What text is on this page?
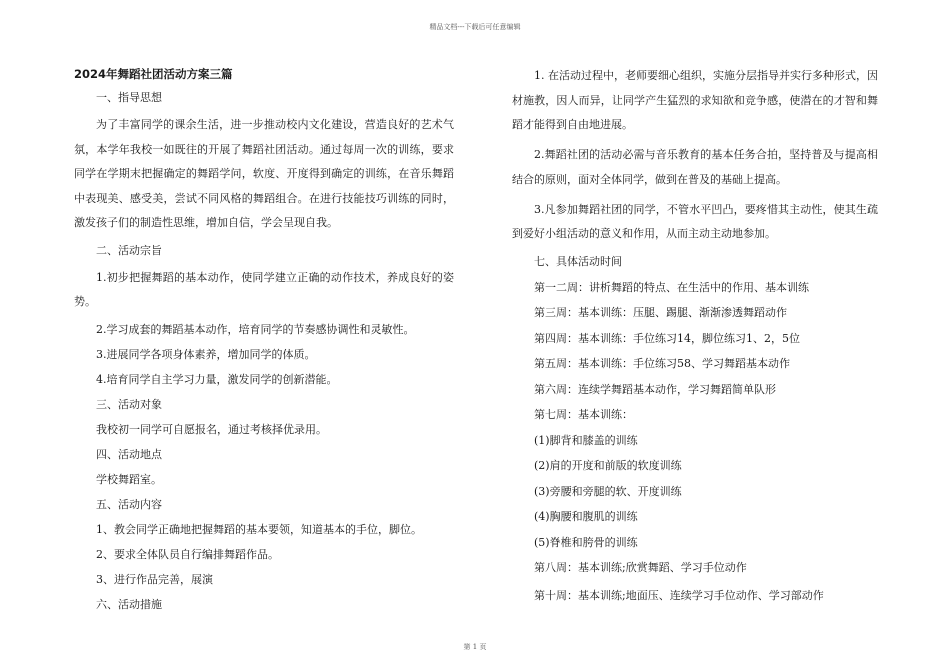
精品文档---下载后可任意编辑
2024年舞蹈社团活动方案三篇
一、指导思想
为了丰富同学的课余生活，进一步推动校内文化建设，营造良好的艺术气氛，本学年我校一如既往的开展了舞蹈社团活动。通过每周一次的训练，要求同学在学期末把握确定的舞蹈学问，软度、开度得到确定的训练，在音乐舞蹈中表现美、感受美，尝试不同风格的舞蹈组合。在进行技能技巧训练的同时，激发孩子们的制造性思维，增加自信，学会呈现自我。
二、活动宗旨
1.初步把握舞蹈的基本动作，使同学建立正确的动作技术，养成良好的姿势。
2.学习成套的舞蹈基本动作，培育同学的节奏感协调性和灵敏性。
3.进展同学各项身体素养，增加同学的体质。
4.培育同学自主学习力量，激发同学的创新潜能。
三、活动对象
我校初一同学可自愿报名，通过考核择优录用。
四、活动地点
学校舞蹈室。
五、活动内容
1、教会同学正确地把握舞蹈的基本要领，知道基本的手位，脚位。
2、要求全体队员自行编排舞蹈作品。
3、进行作品完善，展演
六、活动措施
1. 在活动过程中，老师要细心组织，实施分层指导并实行多种形式，因材施教，因人而异，让同学产生猛烈的求知欲和竞争感，使潜在的才智和舞蹈才能得到自由地进展。
2.舞蹈社团的活动必需与音乐教育的基本任务合拍，坚持普及与提高相结合的原则，面对全体同学，做到在普及的基础上提高。
3.凡参加舞蹈社团的同学，不管水平凹凸，要疼惜其主动性，使其生疏到爱好小组活动的意义和作用，从而主动主动地参加。
七、具体活动时间
第一二周：讲析舞蹈的特点、在生活中的作用、基本训练
第三周：基本训练：压腿、踢腿、渐渐渗透舞蹈动作
第四周：基本训练：手位练习14，脚位练习1、2，5位
第五周：基本训练：手位练习58、学习舞蹈基本动作
第六周：连续学舞蹈基本动作，学习舞蹈简单队形
第七周：基本训练：
(1)脚背和膝盖的训练
(2)肩的开度和前版的软度训练
(3)旁腰和旁腿的软、开度训练
(4)胸腰和腹肌的训练
(5)脊椎和胯骨的训练
第八周：基本训练;欣赏舞蹈、学习手位动作
第十周：基本训练;地面压、连续学习手位动作、学习部动作
第 1 页
